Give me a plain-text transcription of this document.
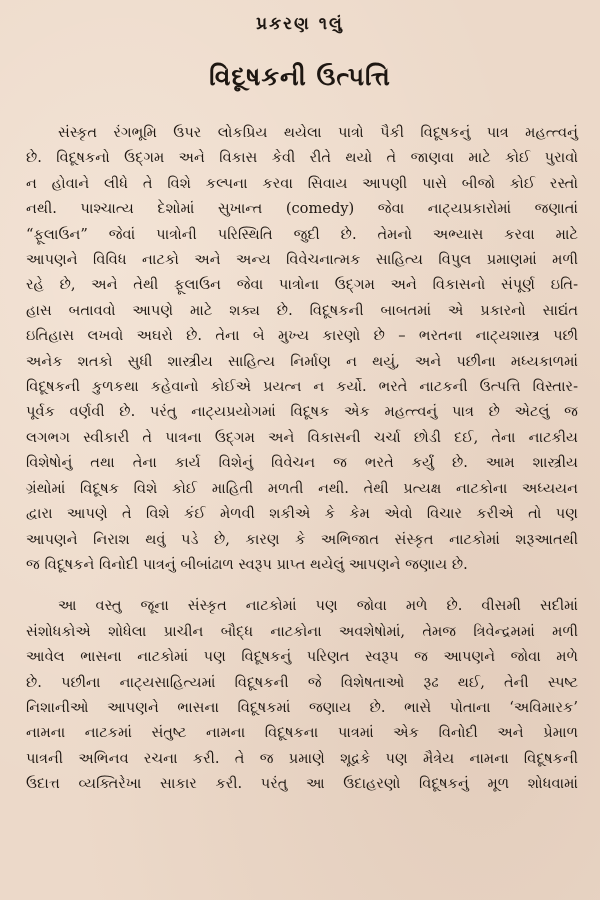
પ્રકરણ ૧લું
વિદૂષકની ઉત્પત્તિ

સંસ્કૃત રંગભૂમિ ઉપર લોકપ્રિય થયેલા પાત્રો પૈકી વિદૂષકનું પાત્ર મહત્ત્વનું
છે. વિદૂષકનો ઉદ્ગમ અને વિકાસ કેવી રીતે થયો તે જાણવા માટે કોઈ પુરાવો
ન હોવાને લીધે તે વિશે કલ્પના કરવા સિવાય આપણી પાસે બીજો કોઈ રસ્તો
નથી. પાશ્ચાત્ય દેશોમાં સુખાન્ત (comedy) જેવા નાટ્યપ્રકારોમાં જણાતાં
“ફૂલાઉન” જેવાં પાત્રોની પરિસ્થિતિ જુદી છે. તેમનો અભ્યાસ કરવા માટે
આપણને વિવિધ નાટકો અને અન્ય વિવેચનાત્મક સાહિત્ય વિપુલ પ્રમાણમાં મળી
રહે છે, અને તેથી ફૂલાઉન જેવા પાત્રોના ઉદ્ગમ અને વિકાસનો સંપૂર્ણ ઇતિ-
હાસ બતાવવો આપણે માટે શક્ય છે. વિદૂષકની બાબતમાં એ પ્રકારનો સાદ્યંત
ઇતિહાસ લખવો અઘરો છે. તેના બે મુખ્ય કારણો છે – ભરતના નાટ્યશાસ્ત્ર પછી
અનેક શતકો સુધી શાસ્ત્રીય સાહિત્ય નિર્માણ ન થયું, અને પછીના મધ્યકાળમાં
વિદૂષકની કુળકથા કહેવાનો કોઈએ પ્રયત્ન ન કર્યો. ભરતે નાટકની ઉત્પત્તિ વિસ્તાર-
પૂર્વક વર્ણવી છે. પરંતુ નાટ્યપ્રયોગમાં વિદૂષક એક મહત્ત્વનું પાત્ર છે એટલું જ
લગભગ સ્વીકારી તે પાત્રના ઉદ્ગમ અને વિકાસની ચર્ચા છોડી દઈ, તેના નાટકીય
વિશેષોનું તથા તેના કાર્ય વિશેનું વિવેચન જ ભરતે કર્યું છે. આમ શાસ્ત્રીય
ગ્રંથોમાં વિદૂષક વિશે કોઈ માહિતી મળતી નથી. તેથી પ્રત્યક્ષ નાટકોના અધ્યયન
દ્વારા આપણે તે વિશે કંઈ મેળવી શકીએ કે કેમ એવો વિચાર કરીએ તો પણ
આપણને નિરાશ થવું પડે છે, કારણ કે અભિજાત સંસ્કૃત નાટકોમાં શરૂઆતથી
જ વિદૂષકને વિનોદી પાત્રનું બીબાંઢાળ સ્વરૂપ પ્રાપ્ત થયેલું આપણને જણાય છે.

આ વસ્તુ જૂના સંસ્કૃત નાટકોમાં પણ જોવા મળે છે. વીસમી સદીમાં
સંશોધકોએ શોધેલા પ્રાચીન બૌદ્ધ નાટકોના અવશેષોમાં, તેમજ ત્રિવેન્દ્રમમાં મળી
આવેલ ભાસના નાટકોમાં પણ વિદૂષકનું પરિણત સ્વરૂપ જ આપણને જોવા મળે
છે. પછીના નાટ્યસાહિત્યમાં વિદૂષકની જે વિશેષતાઓ રૂઢ થઈ, તેની સ્પષ્ટ
નિશાનીઓ આપણને ભાસના વિદૂષકમાં જણાય છે. ભાસે પોતાના ‘અવિમારક’
નામના નાટકમાં સંતુષ્ટ નામના વિદૂષકના પાત્રમાં એક વિનોદી અને પ્રેમાળ
પાત્રની અભિનવ રચના કરી. તે જ પ્રમાણે શૂદ્રકે પણ મૈત્રેય નામના વિદૂષકની
ઉદાત્ત વ્યક્તિરેખા સાકાર કરી. પરંતુ આ ઉદાહરણો વિદૂષકનું મૂળ શોધવામાં
